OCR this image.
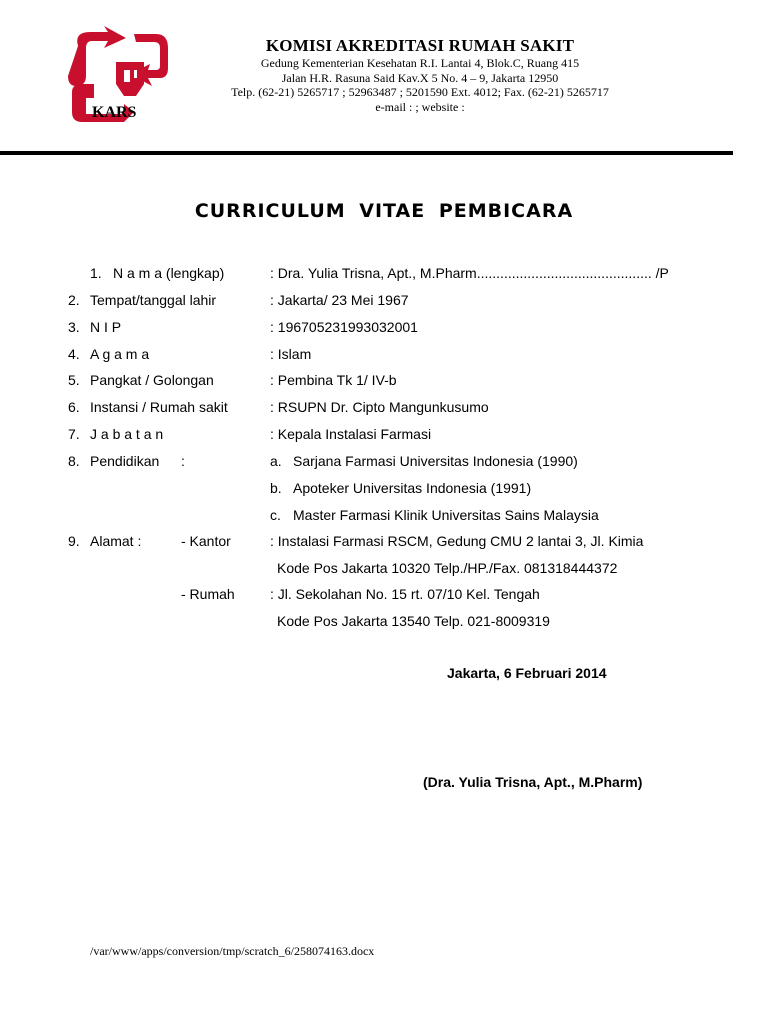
KARS
KOMISI AKREDITASI RUMAH SAKIT
Gedung Kementerian Kesehatan R.I. Lantai 4, Blok.C, Ruang 415
Jalan H.R. Rasuna Said Kav.X 5 No. 4 – 9, Jakarta 12950
Telp. (62-21) 5265717 ; 52963487 ; 5201590 Ext. 4012; Fax. (62-21) 5265717
e-mail : ; website :
CURRICULUM VITAE PEMBICARA
1. N a m a (lengkap)	: Dra. Yulia Trisna, Apt., M.Pharm............................................. /P
2. Tempat/tanggal lahir	: Jakarta/ 23 Mei 1967
3. N I P	: 196705231993032001
4. A g a m a	: Islam
5. Pangkat / Golongan	: Pembina Tk 1/ IV-b
6. Instansi / Rumah sakit	: RSUPN Dr. Cipto Mangunkusumo
7. J a b a t a n	: Kepala Instalasi Farmasi
8. Pendidikan :	a. Sarjana Farmasi Universitas Indonesia (1990)
b. Apoteker Universitas Indonesia (1991)
c. Master Farmasi Klinik Universitas Sains Malaysia
9. Alamat :	- Kantor	: Instalasi Farmasi RSCM, Gedung CMU 2 lantai 3, Jl. Kimia
Kode Pos Jakarta 10320 Telp./HP./Fax. 081318444372
- Rumah	: Jl. Sekolahan No. 15 rt. 07/10 Kel. Tengah
Kode Pos Jakarta 13540 Telp. 021-8009319
Jakarta, 6 Februari 2014
(Dra. Yulia Trisna, Apt., M.Pharm)
/var/www/apps/conversion/tmp/scratch_6/258074163.docx
